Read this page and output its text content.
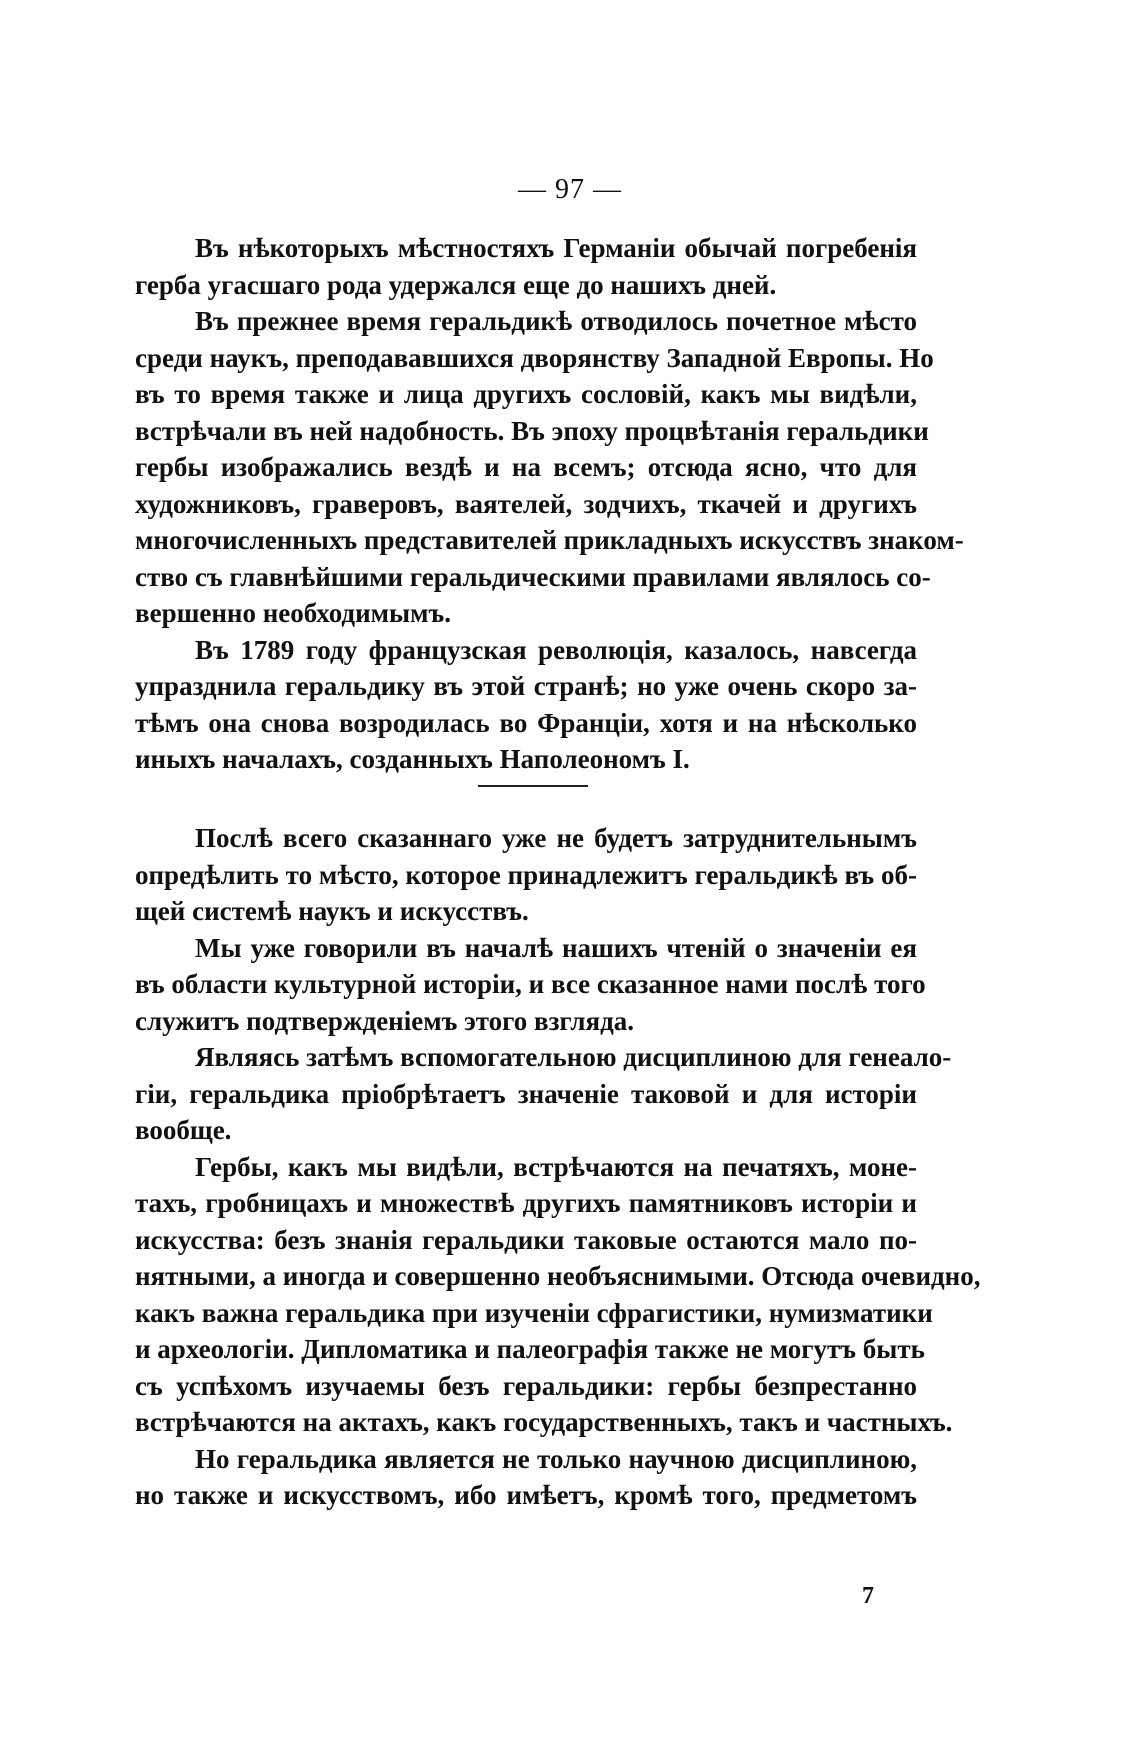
— 97 —
Въ нѣкоторыхъ мѣстностяхъ Германіи обычай погребенія
герба угасшаго рода удержался еще до нашихъ дней.
Въ прежнее время геральдикѣ отводилось почетное мѣсто
среди наукъ, преподававшихся дворянству Западной Европы. Но
въ то время также и лица другихъ сословій, какъ мы видѣли,
встрѣчали въ ней надобность. Въ эпоху процвѣтанія геральдики
гербы изображались вездѣ и на всемъ; отсюда ясно, что для
художниковъ, граверовъ, ваятелей, зодчихъ, ткачей и другихъ
многочисленныхъ представителей прикладныхъ искусствъ знаком-
ство съ главнѣйшими геральдическими правилами являлось со-
вершенно необходимымъ.
Въ 1789 году французская революція, казалось, навсегда
упразднила геральдику въ этой странѣ; но уже очень скоро за-
тѣмъ она снова возродилась во Франціи, хотя и на нѣсколько
иныхъ началахъ, созданныхъ Наполеономъ I.
Послѣ всего сказаннаго уже не будетъ затруднительнымъ
опредѣлить то мѣсто, которое принадлежитъ геральдикѣ въ об-
щей системѣ наукъ и искусствъ.
Мы уже говорили въ началѣ нашихъ чтеній о значеніи ея
въ области культурной исторіи, и все сказанное нами послѣ того
служитъ подтвержденіемъ этого взгляда.
Являясь затѣмъ вспомогательною дисциплиною для генеало-
гіи, геральдика пріобрѣтаетъ значеніе таковой и для исторіи
вообще.
Гербы, какъ мы видѣли, встрѣчаются на печатяхъ, моне-
тахъ, гробницахъ и множествѣ другихъ памятниковъ исторіи и
искусства: безъ знанія геральдики таковые остаются мало по-
нятными, а иногда и совершенно необъяснимыми. Отсюда очевидно,
какъ важна геральдика при изученіи сфрагистики, нумизматики
и археологіи. Дипломатика и палеографія также не могутъ быть
съ успѣхомъ изучаемы безъ геральдики: гербы безпрестанно
встрѣчаются на актахъ, какъ государственныхъ, такъ и частныхъ.
Но геральдика является не только научною дисциплиною,
но также и искусствомъ, ибо имѣетъ, кромѣ того, предметомъ
7
